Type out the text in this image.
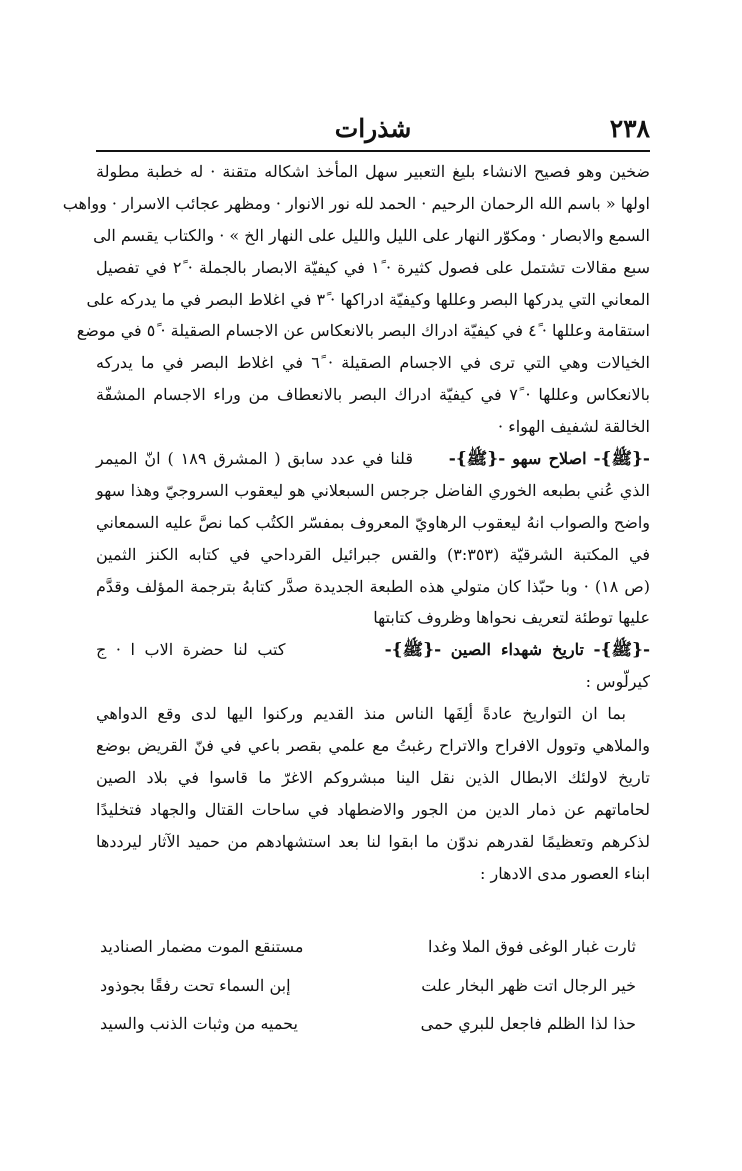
٢٣٨
شذرات
ضخين وهو فصيح الانشاء بليغ التعبير سهل المأخذ اشكاله متقنة · له خطبة مطولة
اولها « باسم الله الرحمان الرحيم · الحمد لله نور الانوار · ومظهر عجائب الاسرار · وواهب
السمع والابصار · ومكوّر النهار على الليل والليل على النهار الخ » · والكتاب يقسم الى
سبع مقالات تشتمل على فصول كثيرة · ١ً في كيفيّة الابصار بالجملة · ٢ً في تفصيل
المعاني التي يدركها البصر وعللها وكيفيّة ادراكها · ٣ً في اغلاط البصر في ما يدركه على
استقامة وعللها · ٤ً في كيفيّة ادراك البصر بالانعكاس عن الاجسام الصقيلة · ٥ً في موضع
الخيالات وهي التي ترى في الاجسام الصقيلة · ٦ً في اغلاط البصر في ما يدركه
بالانعكاس وعللها · ٧ً في كيفيّة ادراك البصر بالانعطاف من وراء الاجسام المشفّة
الخالقة لشفيف الهواء ·
-{ﷺ}- اصلاح سهو -{ﷺ}-  قلنا في عدد سابق ( المشرق ١٨٩ ) انّ الميمر
الذي عُني بطبعه الخوري الفاضل جرجس السبعلاني هو ليعقوب السروجيّ وهذا سهو
واضح والصواب انهُ ليعقوب الرهاويّ المعروف بمفسّر الكتُب كما نصَّ عليه السمعاني
في المكتبة الشرقيّة (٣:٣٥٣) والقس جبرائيل القرداحي في كتابه الكنز الثمين
(ص ١٨) · وبا حبّذا كان متولي هذه الطبعة الجديدة صدَّر كتابهُ بترجمة المؤلف وقدَّم
عليها توطئة لتعريف نحواها وظروف كتابتها
-{ﷺ}- تاريخ شهداء الصين -{ﷺ}-  كتب لنا حضرة الاب ا · ج
كيرلّوس :
بما ان التواريخ عادةً ألِفَها الناس منذ القديم وركنوا اليها لدى وقع الدواهي
والملاهي وتوول الافراح والاتراح رغبتُ مع علمي بقصر باعي في فنّ القريض بوضع
تاريخ لاولئك الابطال الذين نقل الينا مبشروكم الاغرّ ما قاسوا في بلاد الصين
لحاماتهم عن ذمار الدين من الجور والاضطهاد في ساحات القتال والجهاد فتخليدًا
لذكرهم وتعظيمًا لقدرهم ندوّن ما ابقوا لنا بعد استشهادهم من حميد الآثار ليرددها
ابناء العصور مدى الادهار :
ثارت غبار الوغى فوق الملا وغدا
مستنقع الموت مضمار الصناديد
خير الرجال اتت ظهر البخار علت
إبن السماء تحت رفقًا بجوذود
حذا لذا الظلم فاجعل للبري حمى
يحميه من وثبات الذنب والسيد
